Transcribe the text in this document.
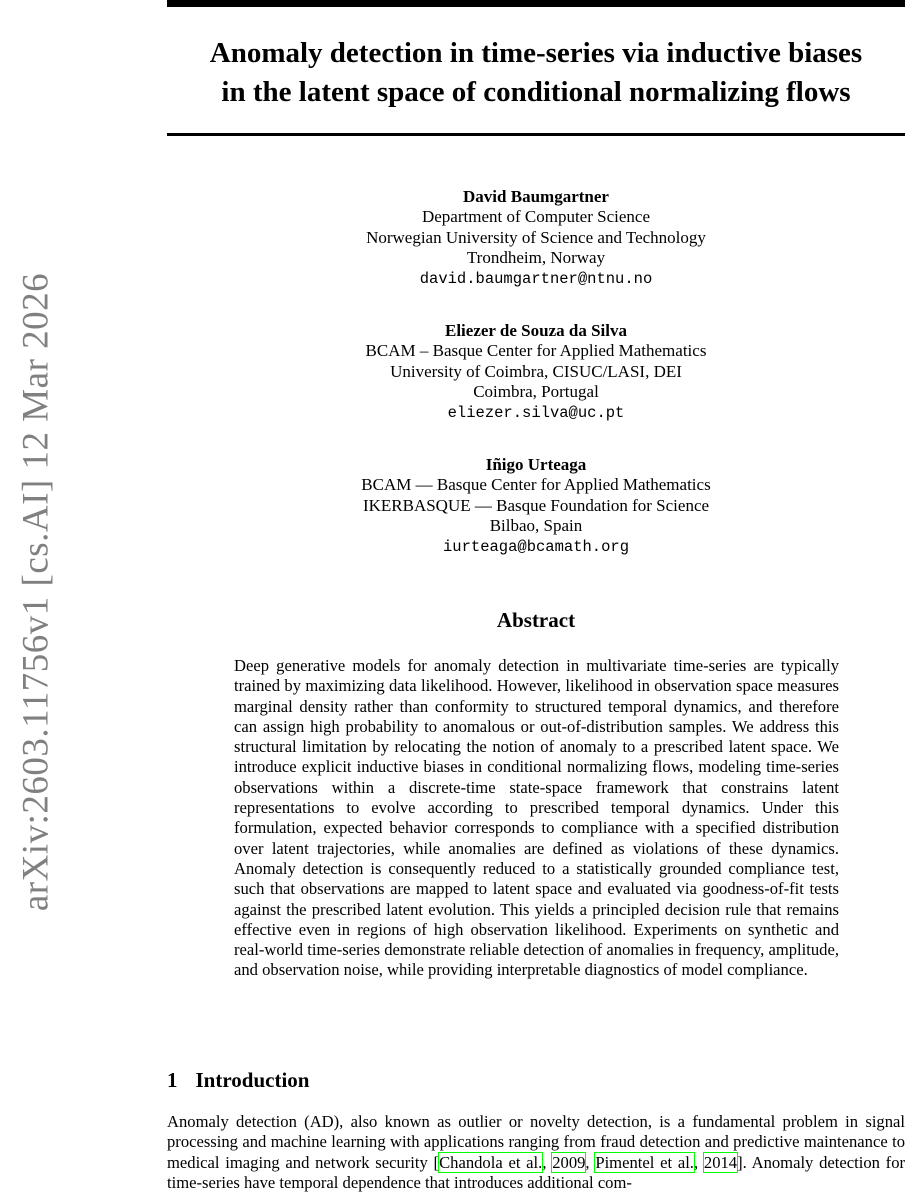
arXiv:2603.11756v1 [cs.AI] 12 Mar 2026
Anomaly detection in time-series via inductive biases
in the latent space of conditional normalizing flows
David Baumgartner
Department of Computer Science
Norwegian University of Science and Technology
Trondheim, Norway
david.baumgartner@ntnu.no
Eliezer de Souza da Silva
BCAM – Basque Center for Applied Mathematics
University of Coimbra, CISUC/LASI, DEI
Coimbra, Portugal
eliezer.silva@uc.pt
Iñigo Urteaga
BCAM — Basque Center for Applied Mathematics
IKERBASQUE — Basque Foundation for Science
Bilbao, Spain
iurteaga@bcamath.org
Abstract

Deep generative models for anomaly detection in multivariate time-series are typically trained by maximizing data likelihood. However, likelihood in observation space measures marginal density rather than conformity to structured temporal dynamics, and therefore can assign high probability to anomalous or out-of-distribution samples. We address this structural limitation by relocating the notion of anomaly to a prescribed latent space. We introduce explicit inductive biases in conditional normalizing flows, modeling time-series observations within a discrete-time state-space framework that constrains latent representations to evolve according to prescribed temporal dynamics. Under this formulation, expected behavior corresponds to compliance with a specified distribution over latent trajectories, while anomalies are defined as violations of these dynamics. Anomaly detection is consequently reduced to a statistically grounded compliance test, such that observations are mapped to latent space and evaluated via goodness-of-fit tests against the prescribed latent evolution. This yields a principled decision rule that remains effective even in regions of high observation likelihood. Experiments on synthetic and real-world time-series demonstrate reliable detection of anomalies in frequency, amplitude, and observation noise, while providing interpretable diagnostics of model compliance.

1 Introduction

Anomaly detection (AD), also known as outlier or novelty detection, is a fundamental problem in signal processing and machine learning with applications ranging from fraud detection and predictive maintenance to medical imaging and network security [Chandola et al., 2009, Pimentel et al., 2014]. Anomaly detection for time-series have temporal dependence that introduces additional com-
